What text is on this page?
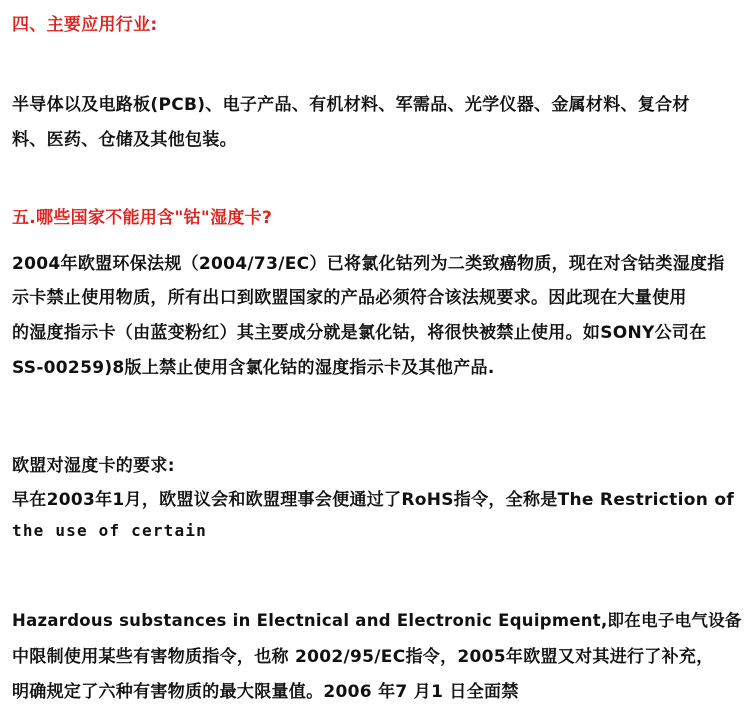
四、主要应用行业:
半导体以及电路板(PCB)、电子产品、有机材料、军需品、光学仪器、金属材料、复合材
料、医药、仓储及其他包装。
五.哪些国家不能用含"钴"湿度卡?
2004年欧盟环保法规（2004/73/EC）已将氯化钴列为二类致癌物质，现在对含钴类湿度指
示卡禁止使用物质，所有出口到欧盟国家的产品必须符合该法规要求。因此现在大量使用
的湿度指示卡（由蓝变粉红）其主要成分就是氯化钴，将很快被禁止使用。如SONY公司在
SS-00259)8版上禁止使用含氯化钴的湿度指示卡及其他产品.
欧盟对湿度卡的要求:
早在2003年1月，欧盟议会和欧盟理事会便通过了RoHS指令，全称是The Restriction of
the use of certain
Hazardous substances in Electnical and Electronic Equipment,即在电子电气设备
中限制使用某些有害物质指令，也称 2002/95/EC指令，2005年欧盟又对其进行了补充，
明确规定了六种有害物质的最大限量值。2006 年7 月1 日全面禁
